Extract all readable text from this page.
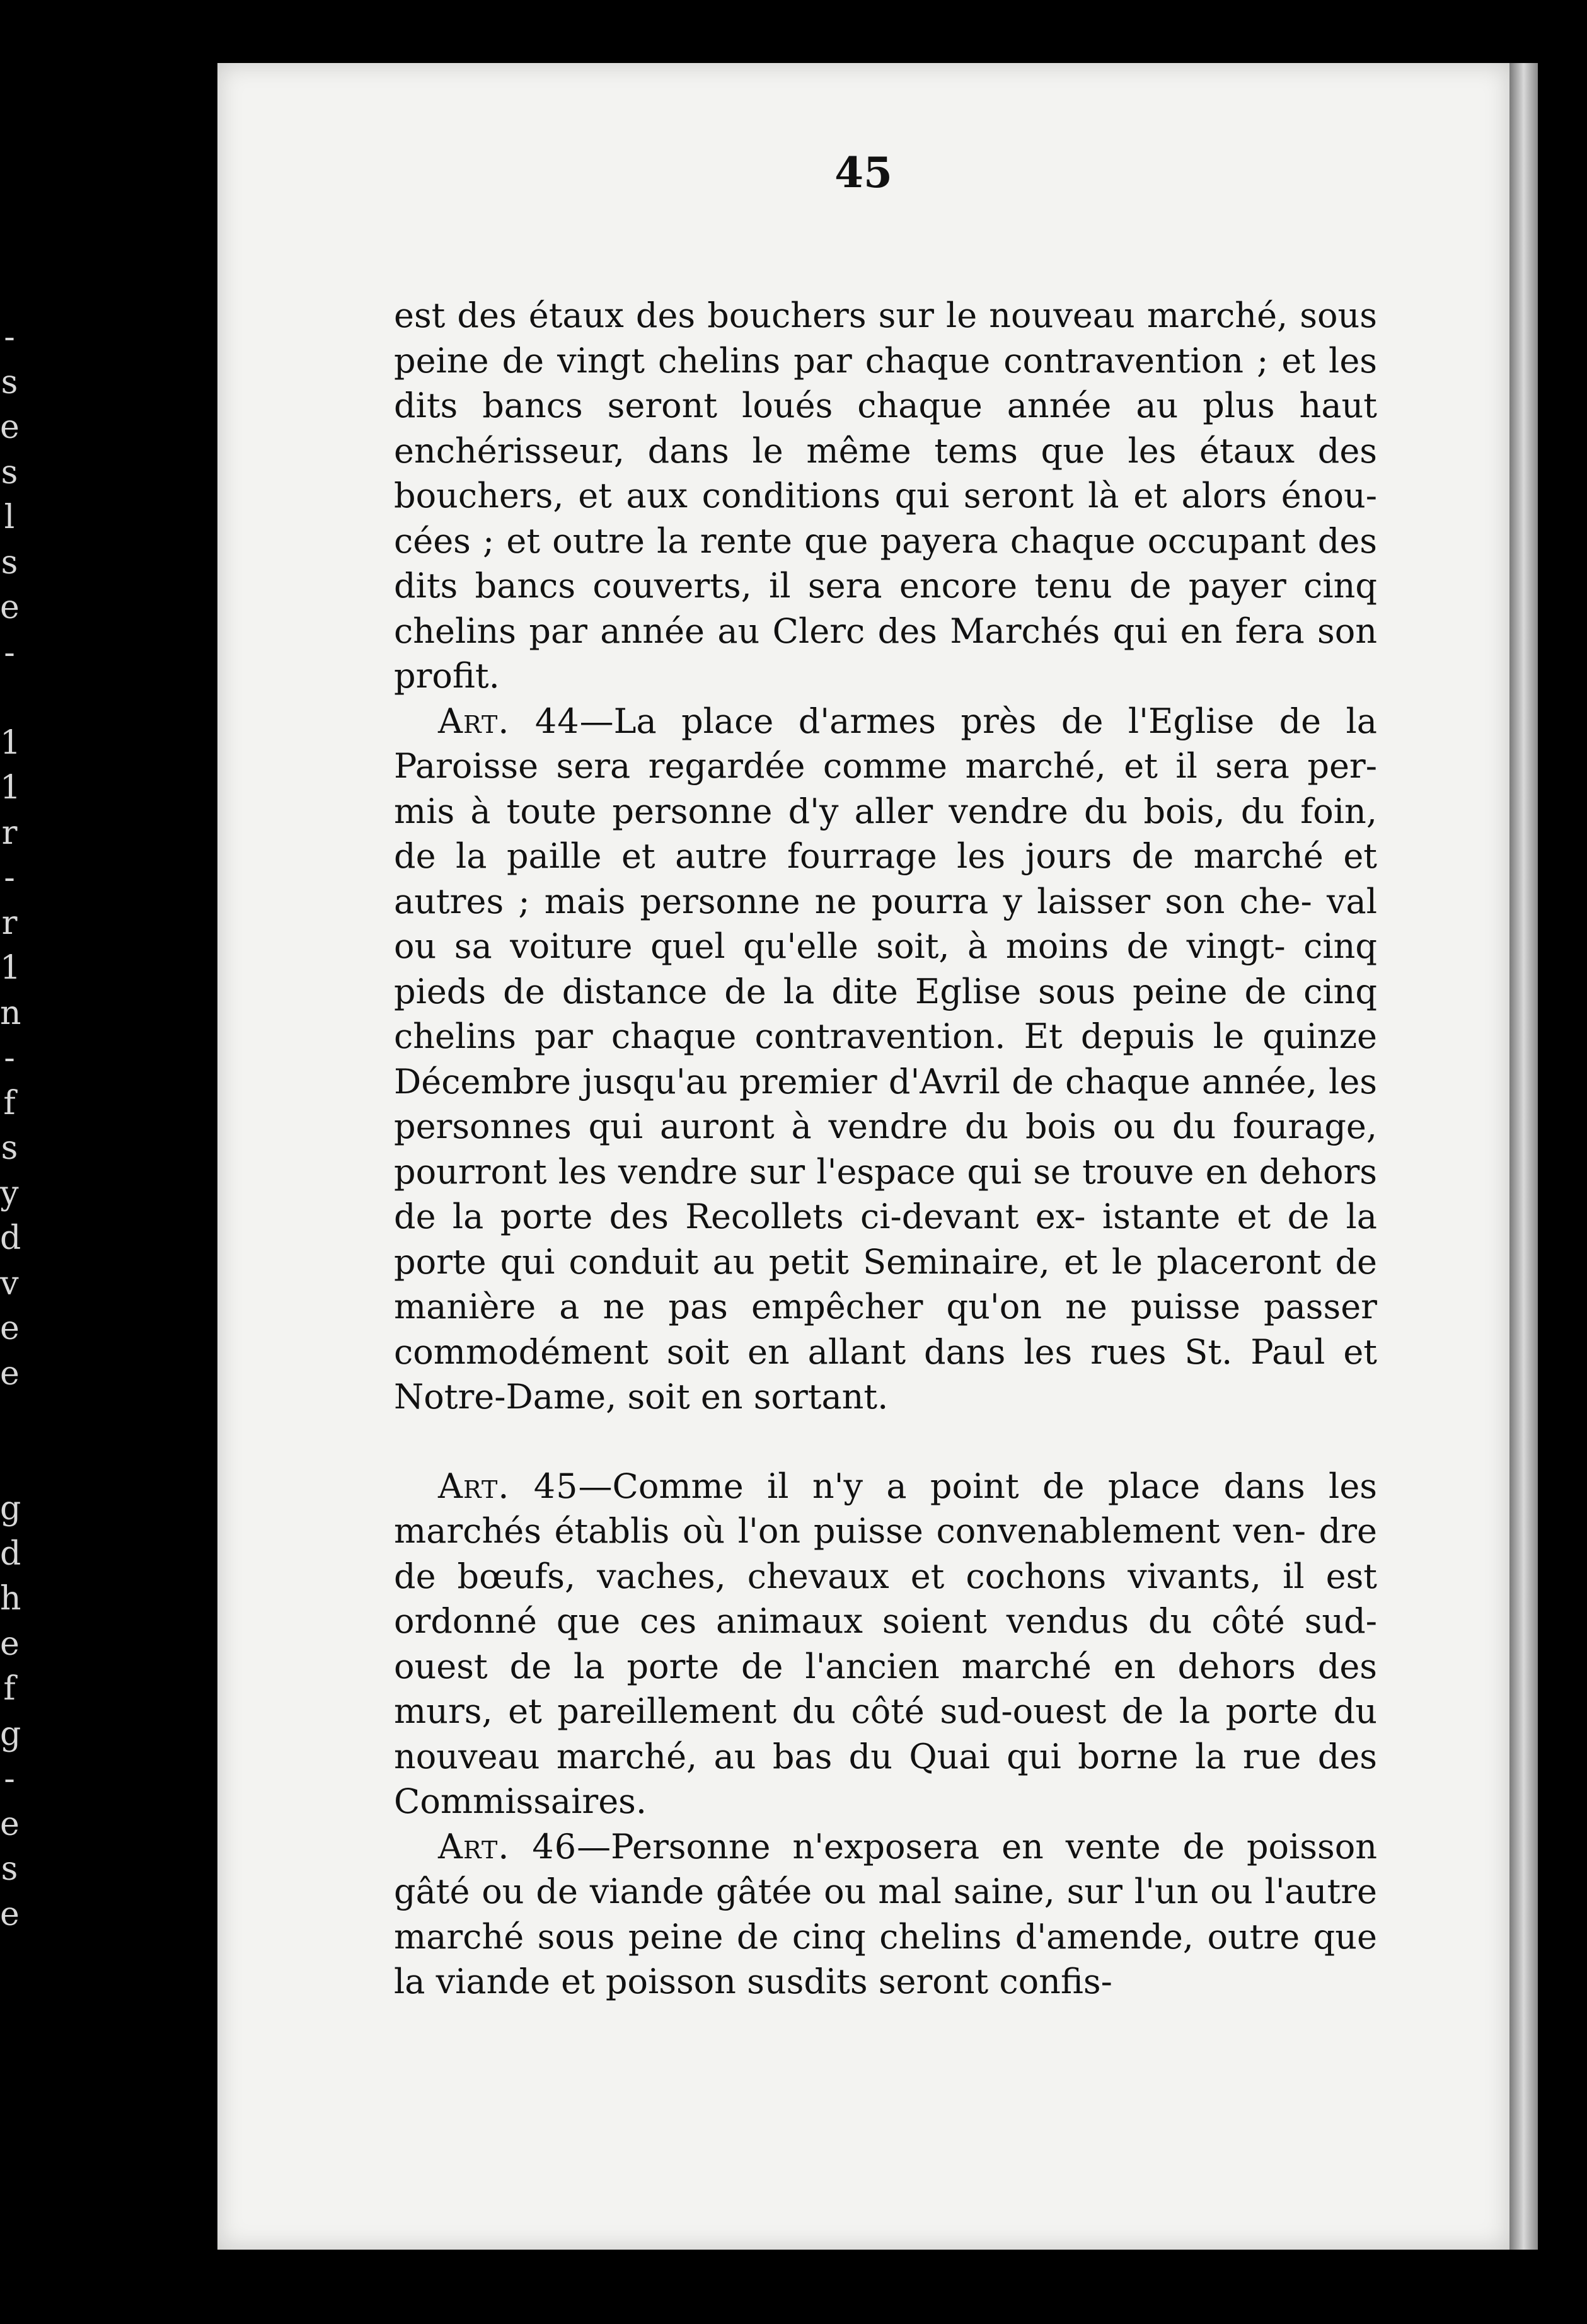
-
s
e
s
l
s
e
-

1
1
r
-
r
1
n
-
f
s
y
d
v
e
e

g
d
h
e
f
g
-
e
s
e
45

est des étaux des bouchers sur le nouveau marché, sous peine de vingt chelins par chaque contravention ; et les dits bancs seront loués chaque année au plus haut enchérisseur, dans le même tems que les étaux des bouchers, et aux conditions qui seront là et alors énou- cées ; et outre la rente que payera chaque occupant des dits bancs couverts, il sera encore tenu de payer cinq chelins par année au Clerc des Marchés qui en fera son profit.

Art. 44—La place d'armes près de l'Eglise de la Paroisse sera regardée comme marché, et il sera per- mis à toute personne d'y aller vendre du bois, du foin, de la paille et autre fourrage les jours de marché et autres ; mais personne ne pourra y laisser son che- val ou sa voiture quel qu'elle soit, à moins de vingt- cinq pieds de distance de la dite Eglise sous peine de cinq chelins par chaque contravention. Et depuis le quinze Décembre jusqu'au premier d'Avril de chaque année, les personnes qui auront à vendre du bois ou du fourage, pourront les vendre sur l'espace qui se trouve en dehors de la porte des Recollets ci-devant ex- istante et de la porte qui conduit au petit Seminaire, et le placeront de manière a ne pas empêcher qu'on ne puisse passer commodément soit en allant dans les rues St. Paul et Notre-Dame, soit en sortant.

Art. 45—Comme il n'y a point de place dans les marchés établis où l'on puisse convenablement ven- dre de bœufs, vaches, chevaux et cochons vivants, il est ordonné que ces animaux soient vendus du côté sud-ouest de la porte de l'ancien marché en dehors des murs, et pareillement du côté sud-ouest de la porte du nouveau marché, au bas du Quai qui borne la rue des Commissaires.

Art. 46—Personne n'exposera en vente de poisson gâté ou de viande gâtée ou mal saine, sur l'un ou l'autre marché sous peine de cinq chelins d'amende, outre que la viande et poisson susdits seront confis-
